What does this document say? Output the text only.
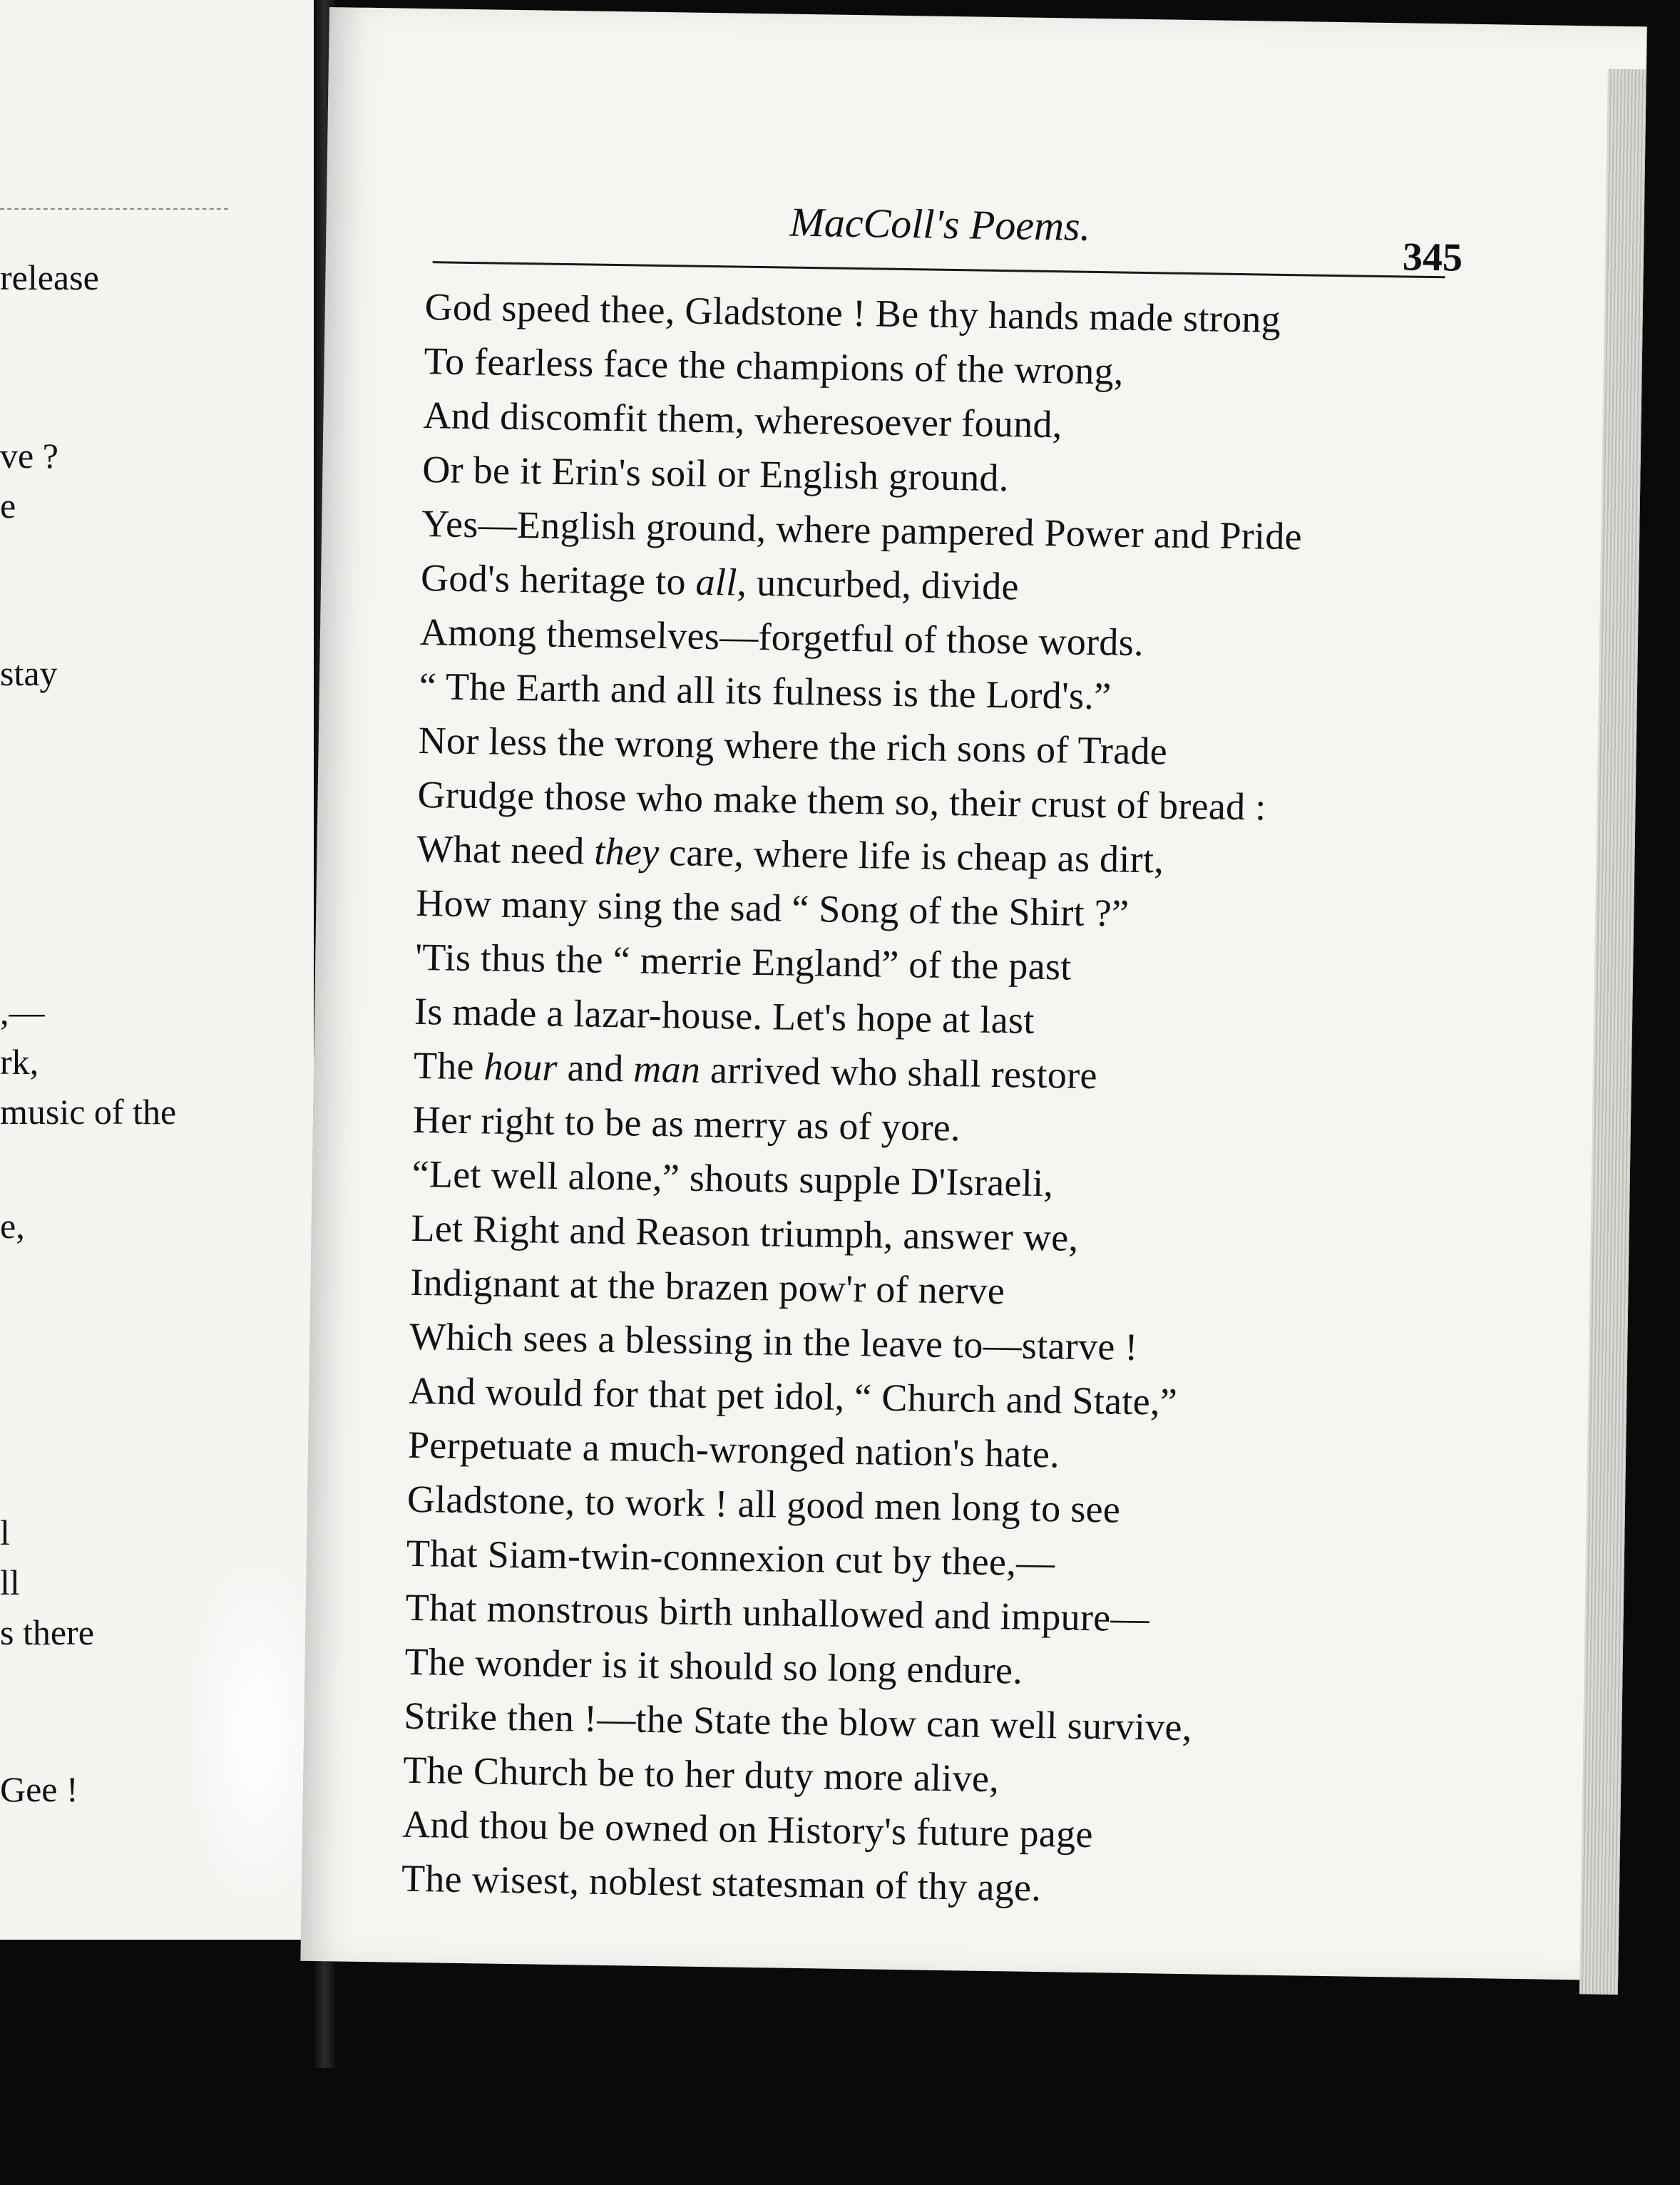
release
ve ?
e
stay
,—
rk,
music of the
e,
l
ll
s there
Gee !
MacColl's Poems.
345
God speed thee, Gladstone ! Be thy hands made strong
To fearless face the champions of the wrong,
And discomfit them, wheresoever found,
Or be it Erin's soil or English ground.
Yes—English ground, where pampered Power and Pride
God's heritage to all, uncurbed, divide
Among themselves—forgetful of those words.
“ The Earth and all its fulness is the Lord's.”
Nor less the wrong where the rich sons of Trade
Grudge those who make them so, their crust of bread :
What need they care, where life is cheap as dirt,
How many sing the sad “ Song of the Shirt ?”
'Tis thus the “ merrie England” of the past
Is made a lazar-house. Let's hope at last
The hour and man arrived who shall restore
Her right to be as merry as of yore.
“Let well alone,” shouts supple D'Israeli,
Let Right and Reason triumph, answer we,
Indignant at the brazen pow'r of nerve
Which sees a blessing in the leave to—starve !
And would for that pet idol, “ Church and State,”
Perpetuate a much-wronged nation's hate.
Gladstone, to work ! all good men long to see
That Siam-twin-connexion cut by thee,—
That monstrous birth unhallowed and impure—
The wonder is it should so long endure.
Strike then !—the State the blow can well survive,
The Church be to her duty more alive,
And thou be owned on History's future page
The wisest, noblest statesman of thy age.
